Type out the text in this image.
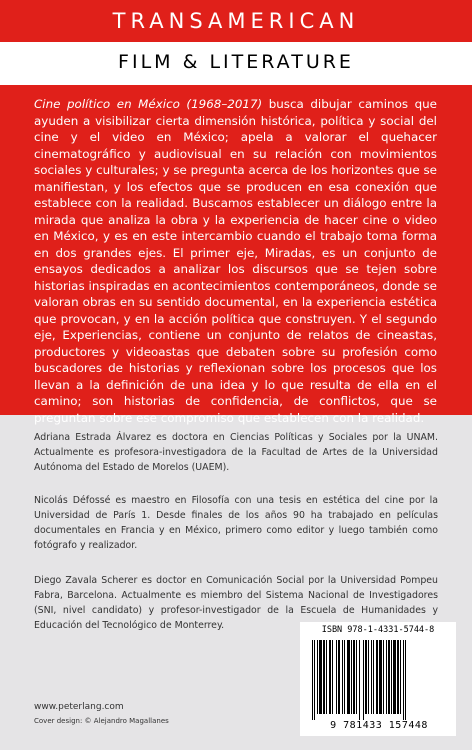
TRANSAMERICAN
FILM & LITERATURE

Cine político en México (1968–2017) busca dibujar caminos que ayuden a visibilizar cierta dimensión histórica, política y social del cine y el video en México; apela a valorar el quehacer cinematográfico y audiovisual en su relación con movimientos sociales y culturales; y se pregunta acerca de los horizontes que se manifiestan, y los efectos que se producen en esa conexión que establece con la realidad. Buscamos establecer un diálogo entre la mirada que analiza la obra y la experiencia de hacer cine o video en México, y es en este intercambio cuando el trabajo toma forma en dos grandes ejes. El primer eje, Miradas, es un conjunto de ensayos dedicados a analizar los discursos que se tejen sobre historias inspiradas en acontecimientos contemporáneos, donde se valoran obras en su sentido documental, en la experiencia estética que provocan, y en la acción política que construyen. Y el segundo eje, Experiencias, contiene un conjunto de relatos de cineastas, productores y videoastas que debaten sobre su profesión como buscadores de historias y reflexionan sobre los procesos que los llevan a la definición de una idea y lo que resulta de ella en el camino; son historias de confidencia, de conflictos, que se preguntan sobre ese compromiso que establecen con la realidad.

Adriana Estrada Álvarez es doctora en Ciencias Políticas y Sociales por la UNAM. Actualmente es profesora-investigadora de la Facultad de Artes de la Universidad Autónoma del Estado de Morelos (UAEM).

Nicolás Défossé es maestro en Filosofía con una tesis en estética del cine por la Universidad de París 1. Desde finales de los años 90 ha trabajado en películas documentales en Francia y en México, primero como editor y luego también como fotógrafo y realizador.

Diego Zavala Scherer es doctor en Comunicación Social por la Universidad Pompeu Fabra, Barcelona. Actualmente es miembro del Sistema Nacional de Investigadores (SNI, nivel candidato) y profesor-investigador de la Escuela de Humanidades y Educación del Tecnológico de Monterrey.	ISBN 978-1-4331-5744-8
9 781433 157448
www.peterlang.com
Cover design: © Alejandro Magallanes
